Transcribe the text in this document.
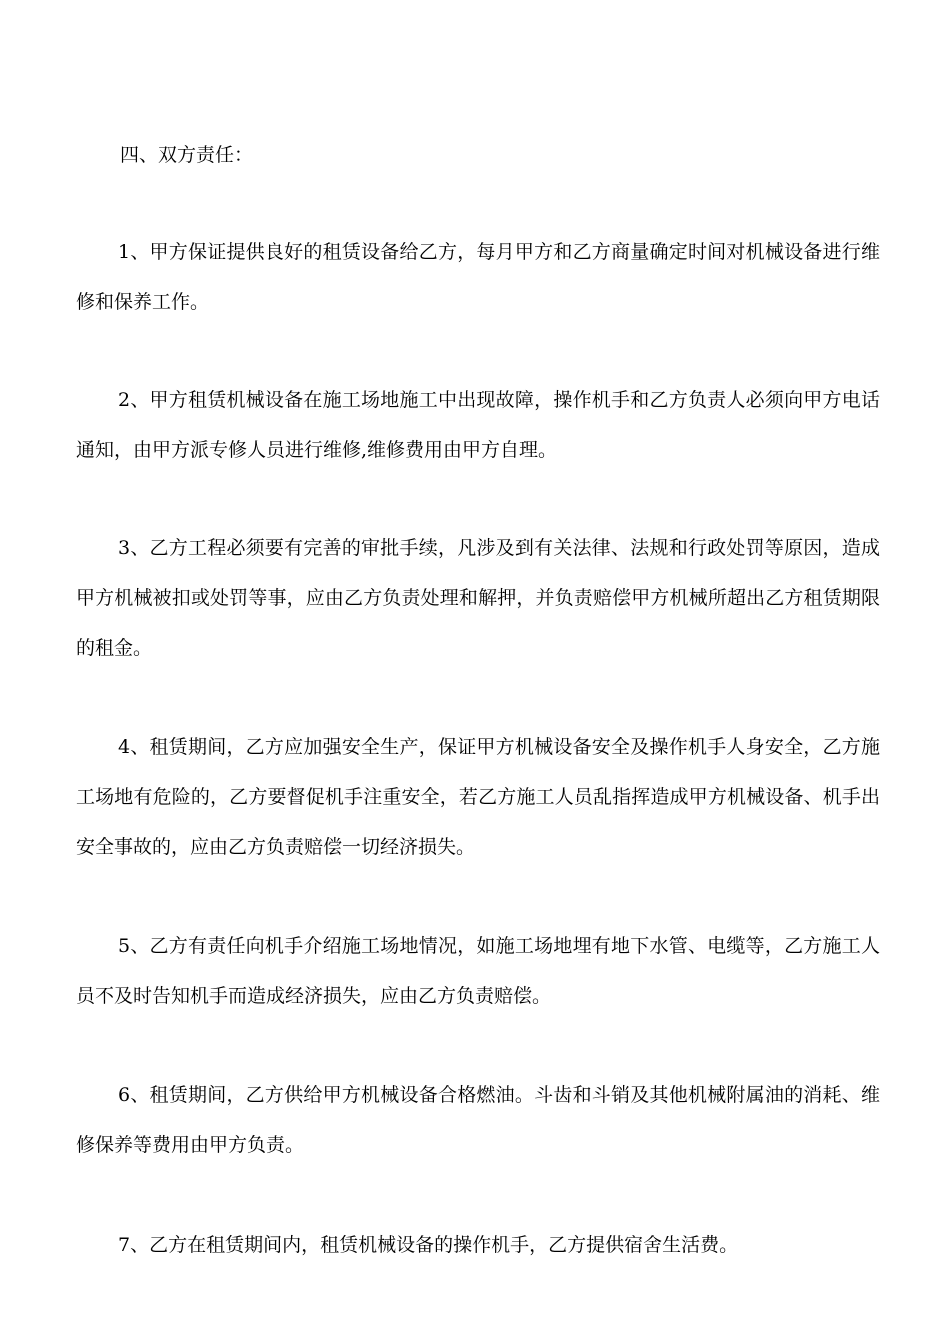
四、双方责任：

1、甲方保证提供良好的租赁设备给乙方，每月甲方和乙方商量确定时间对机械设备进行维修和保养工作。

2、甲方租赁机械设备在施工场地施工中出现故障，操作机手和乙方负责人必须向甲方电话通知，由甲方派专修人员进行维修,维修费用由甲方自理。

3、乙方工程必须要有完善的审批手续，凡涉及到有关法律、法规和行政处罚等原因，造成甲方机械被扣或处罚等事，应由乙方负责处理和解押，并负责赔偿甲方机械所超出乙方租赁期限的租金。

4、租赁期间，乙方应加强安全生产，保证甲方机械设备安全及操作机手人身安全，乙方施工场地有危险的，乙方要督促机手注重安全，若乙方施工人员乱指挥造成甲方机械设备、机手出安全事故的，应由乙方负责赔偿一切经济损失。

5、乙方有责任向机手介绍施工场地情况，如施工场地埋有地下水管、电缆等，乙方施工人员不及时告知机手而造成经济损失，应由乙方负责赔偿。

6、租赁期间，乙方供给甲方机械设备合格燃油。斗齿和斗销及其他机械附属油的消耗、维修保养等费用由甲方负责。

7、乙方在租赁期间内，租赁机械设备的操作机手，乙方提供宿舍生活费。
